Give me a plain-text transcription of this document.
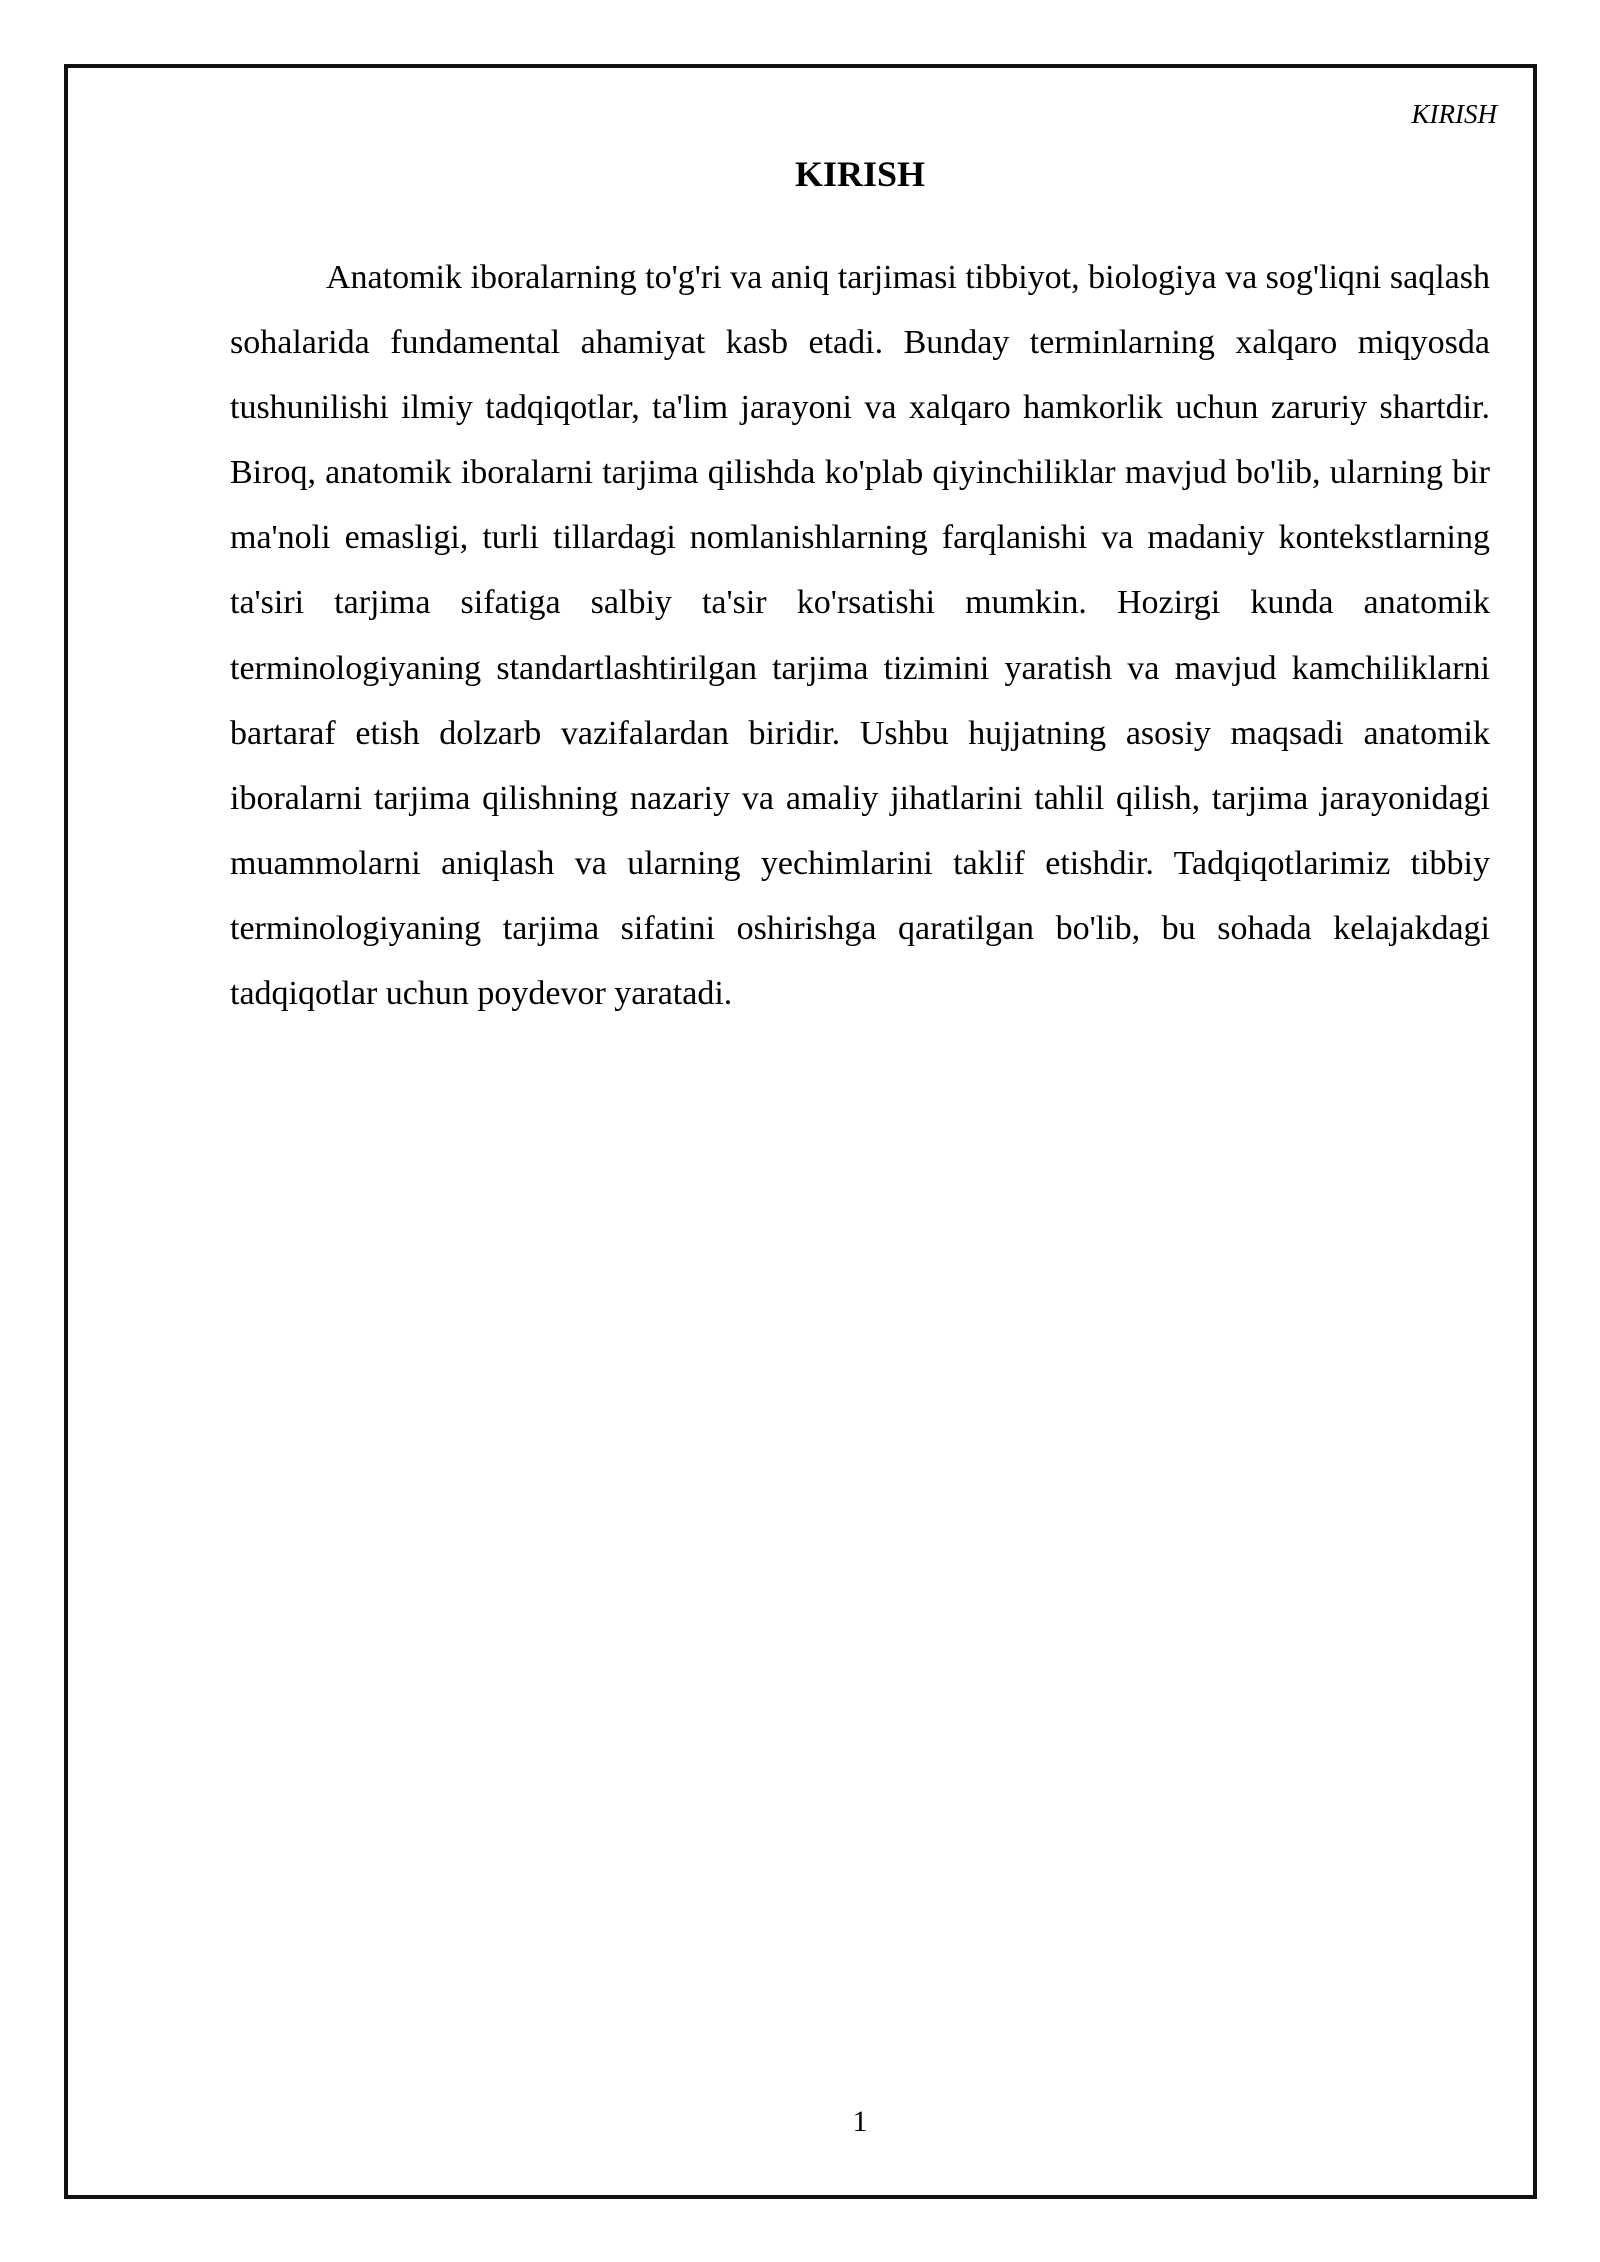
KIRISH
KIRISH

Anatomik iboralarning to'g'ri va aniq tarjimasi tibbiyot, biologiya va sog'liqni saqlash sohalarida fundamental ahamiyat kasb etadi. Bunday terminlarning xalqaro miqyosda tushunilishi ilmiy tadqiqotlar, ta'lim jarayoni va xalqaro hamkorlik uchun zaruriy shartdir. Biroq, anatomik iboralarni tarjima qilishda ko'plab qiyinchiliklar mavjud bo'lib, ularning bir ma'noli emasligi, turli tillardagi nomlanishlarning farqlanishi va madaniy kontekstlarning ta'siri tarjima sifatiga salbiy ta'sir ko'rsatishi mumkin. Hozirgi kunda anatomik terminologiyaning standartlashtirilgan tarjima tizimini yaratish va mavjud kamchiliklarni bartaraf etish dolzarb vazifalardan biridir. Ushbu hujjatning asosiy maqsadi anatomik iboralarni tarjima qilishning nazariy va amaliy jihatlarini tahlil qilish, tarjima jarayonidagi muammolarni aniqlash va ularning yechimlarini taklif etishdir. Tadqiqotlarimiz tibbiy terminologiyaning tarjima sifatini oshirishga qaratilgan bo'lib, bu sohada kelajakdagi tadqiqotlar uchun poydevor yaratadi.

1
